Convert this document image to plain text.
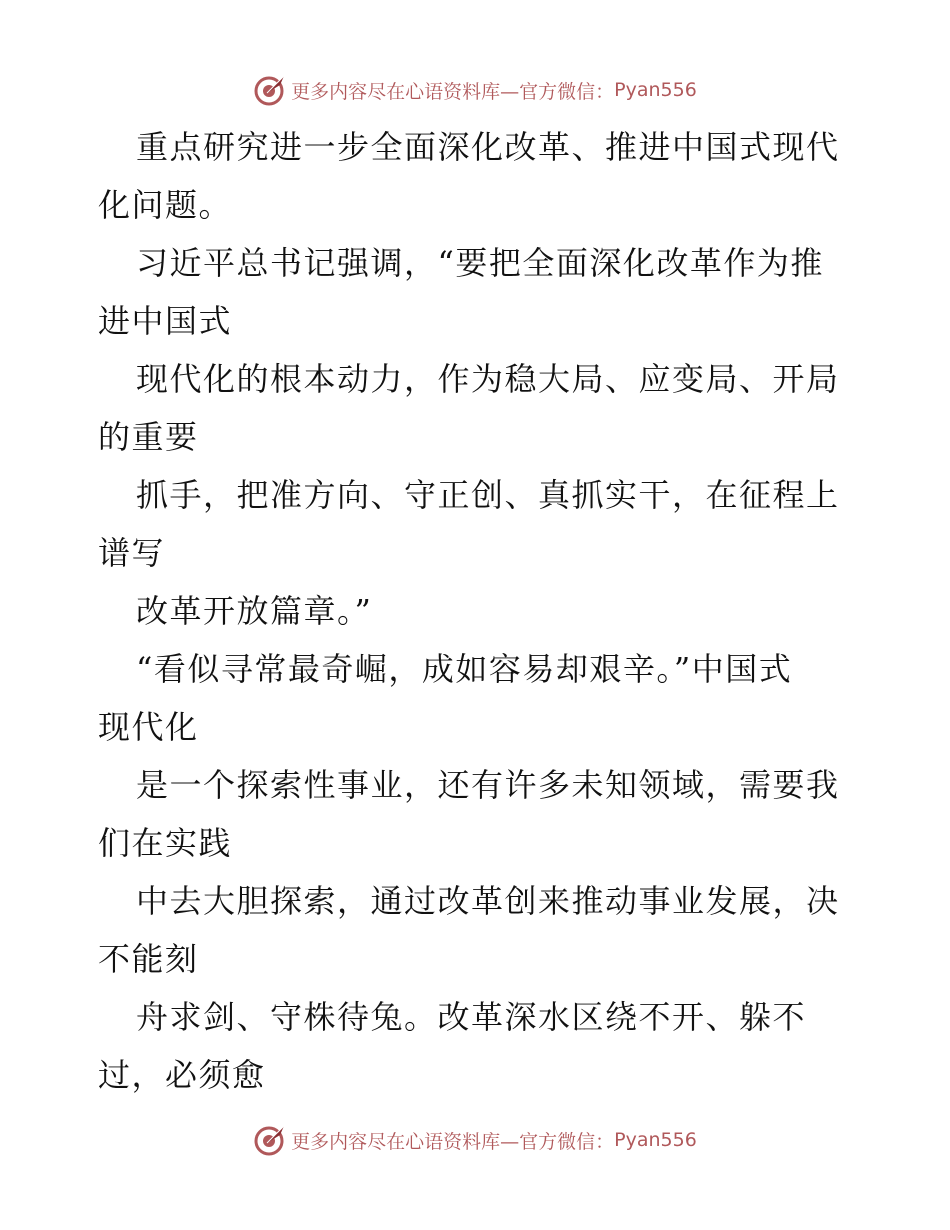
更多内容尽在心语资料库—官方微信： Pyan556
重点研究进一步全面深化改革、推进中国式现代
化问题。
习近平总书记强调，“要把全面深化改革作为推
进中国式
现代化的根本动力，作为稳大局、应变局、开局
的重要
抓手，把准方向、守正创、真抓实干，在征程上
谱写
改革开放篇章。”
“看似寻常最奇崛，成如容易却艰辛。”中国式
现代化
是一个探索性事业，还有许多未知领域，需要我
们在实践
中去大胆探索，通过改革创来推动事业发展，决
不能刻
舟求剑、守株待兔。改革深水区绕不开、躲不
过，必须愈
更多内容尽在心语资料库—官方微信： Pyan556
